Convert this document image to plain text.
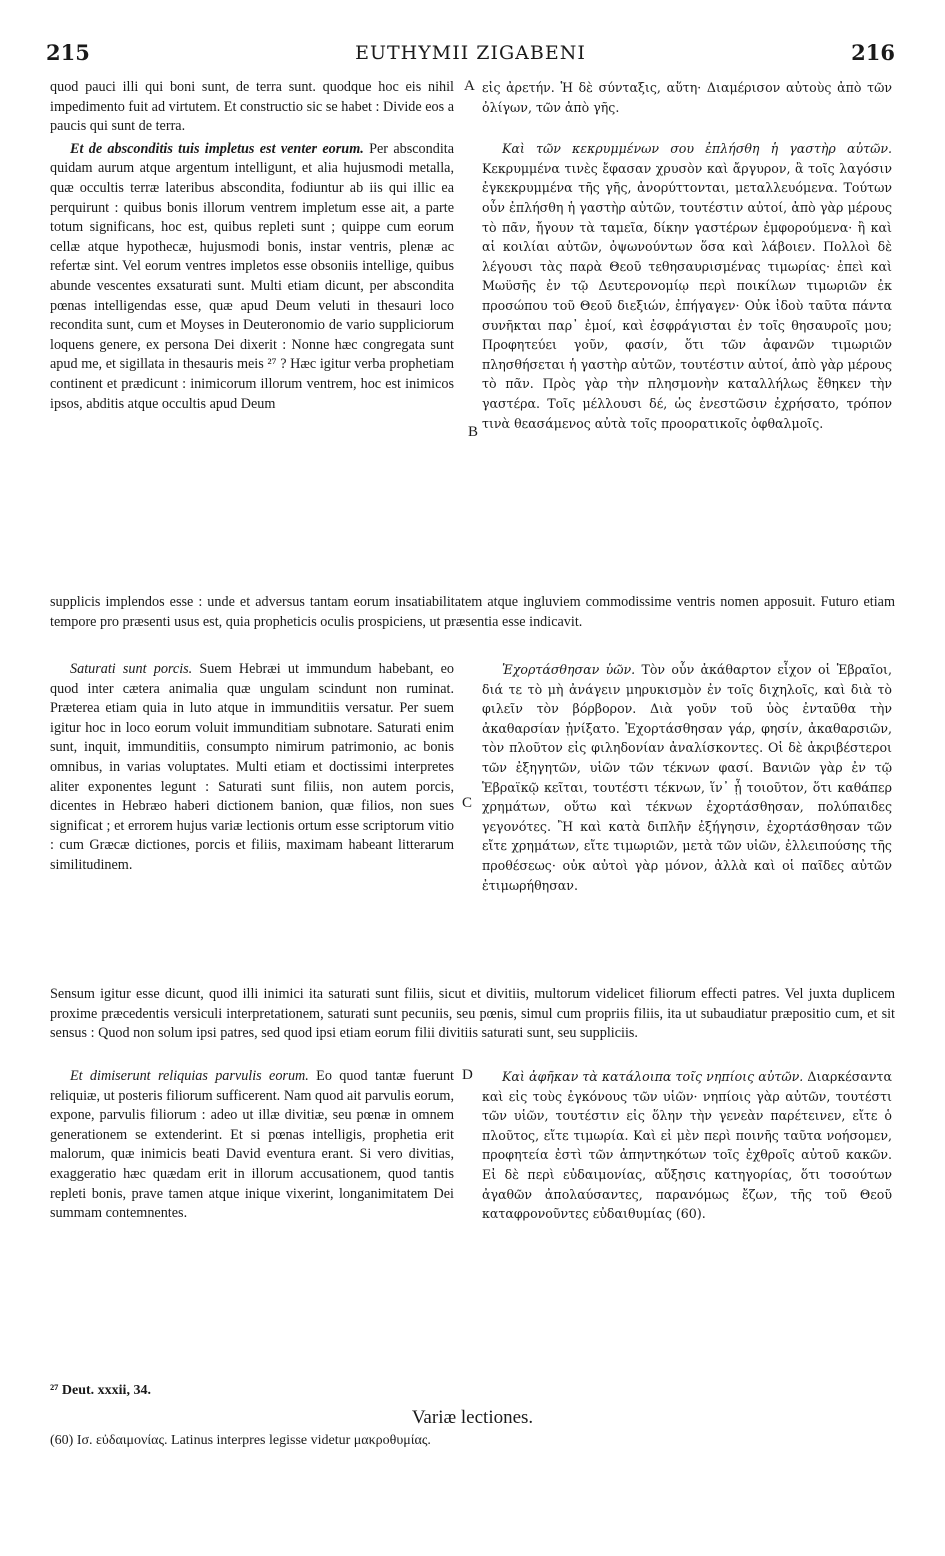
215	EUTHYMII ZIGABENI	216
A
B
C
D

quod pauci illi qui boni sunt, de terra sunt. quodque hoc eis nihil impedimento fuit ad virtutem. Et constructio sic se habet : Divide eos a paucis qui sunt de terra.

Et de absconditis tuis impletus est venter eorum. Per abscondita quidam aurum atque argentum intelligunt, et alia hujusmodi metalla, quæ occultis terræ lateribus abscondita, fodiuntur ab iis qui illic ea perquirunt : quibus bonis illorum ventrem impletum esse ait, a parte totum significans, hoc est, quibus repleti sunt ; quippe cum eorum cellæ atque hypothecæ, hujusmodi bonis, instar ventris, plenæ ac refertæ sint. Vel eorum ventres impletos esse obsoniis intellige, quibus abunde vescentes exsaturati sunt. Multi etiam dicunt, per abscondita pœnas intelligendas esse, quæ apud Deum veluti in thesauri loco recondita sunt, cum et Moyses in Deuteronomio de vario suppliciorum loquens genere, ex persona Dei dixerit : Nonne hæc congregata sunt apud me, et sigillata in thesauris meis ²⁷ ? Hæc igitur verba prophetiam continent et prædicunt : inimicorum illorum ventrem, hoc est inimicos ipsos, abditis atque occultis apud Deum

εἰς ἀρετήν. Ἡ δὲ σύνταξις, αὕτη· Διαμέρισον αὐτοὺς ἀπὸ τῶν ὀλίγων, τῶν ἀπὸ γῆς.

Καὶ τῶν κεκρυμμένων σου ἐπλήσθη ἡ γαστὴρ αὐτῶν. Κεκρυμμένα τινὲς ἔφασαν χρυσὸν καὶ ἄργυρον, ἃ τοῖς λαγόσιν ἐγκεκρυμμένα τῆς γῆς, ἀνορύττονται, μεταλλευόμενα. Τούτων οὖν ἐπλήσθη ἡ γαστὴρ αὐτῶν, τουτέστιν αὐτοί, ἀπὸ γὰρ μέρους τὸ πᾶν, ἤγουν τὰ ταμεῖα, δίκην γαστέρων ἐμφορούμενα· ἢ καὶ αἱ κοιλίαι αὐτῶν, ὀψωνούντων ὅσα καὶ λάβοιεν. Πολλοὶ δὲ λέγουσι τὰς παρὰ Θεοῦ τεθησαυρισμένας τιμωρίας· ἐπεὶ καὶ Μωϋσῆς ἐν τῷ Δευτερονομίῳ περὶ ποικίλων τιμωριῶν ἐκ προσώπου τοῦ Θεοῦ διεξιών, ἐπήγαγεν· Οὐκ ἰδοὺ ταῦτα πάντα συνῆκται παρ᾽ ἐμοί, καὶ ἐσφράγισται ἐν τοῖς θησαυροῖς μου; Προφητεύει γοῦν, φασίν, ὅτι τῶν ἀφανῶν τιμωριῶν πλησθήσεται ἡ γαστὴρ αὐτῶν, τουτέστιν αὐτοί, ἀπὸ γὰρ μέρους τὸ πᾶν. Πρὸς γὰρ τὴν πλησμονὴν καταλλήλως ἔθηκεν τὴν γαστέρα. Τοῖς μέλλουσι δέ, ὡς ἐνεστῶσιν ἐχρήσατο, τρόπον τινὰ θεασάμενος αὐτὰ τοῖς προορατικοῖς ὀφθαλμοῖς.

supplicis implendos esse : unde et adversus tantam eorum insatiabilitatem atque ingluviem commodissime ventris nomen apposuit. Futuro etiam tempore pro præsenti usus est, quia propheticis oculis prospiciens, ut præsentia esse indicavit.

Saturati sunt porcis. Suem Hebræi ut immundum habebant, eo quod inter cætera animalia quæ ungulam scindunt non ruminat. Præterea etiam quia in luto atque in immunditiis versatur. Per suem igitur hoc in loco eorum voluit immunditiam subnotare. Saturati enim sunt, inquit, immunditiis, consumpto nimirum patrimonio, ac bonis omnibus, in varias voluptates. Multi etiam et doctissimi interpretes aliter exponentes legunt : Saturati sunt filiis, non autem porcis, dicentes in Hebræo haberi dictionem banion, quæ filios, non sues significat ; et errorem hujus variæ lectionis ortum esse scriptorum vitio : cum Græcæ dictiones, porcis et filiis, maximam habeant litterarum similitudinem.

Ἐχορτάσθησαν ὑῶν. Τὸν οὖν ἀκάθαρτον εἶχον οἱ Ἑβραῖοι, διά τε τὸ μὴ ἀνάγειν μηρυκισμὸν ἐν τοῖς διχηλοῖς, καὶ διὰ τὸ φιλεῖν τὸν βόρβορον. Διὰ γοῦν τοῦ ὑὸς ἐνταῦθα τὴν ἀκαθαρσίαν ᾐνίξατο. Ἐχορτάσθησαν γάρ, φησίν, ἀκαθαρσιῶν, τὸν πλοῦτον εἰς φιληδονίαν ἀναλίσκοντες. Οἱ δὲ ἀκριβέστεροι τῶν ἐξηγητῶν, υἱῶν τῶν τέκνων φασί. Βανιῶν γὰρ ἐν τῷ Ἑβραϊκῷ κεῖται, τουτέστι τέκνων, ἵν᾽ ᾖ τοιοῦτον, ὅτι καθάπερ χρημάτων, οὕτω καὶ τέκνων ἐχορτάσθησαν, πολύπαιδες γεγονότες. Ἢ καὶ κατὰ διπλῆν ἐξήγησιν, ἐχορτάσθησαν τῶν εἴτε χρημάτων, εἴτε τιμωριῶν, μετὰ τῶν υἱῶν, ἐλλειπούσης τῆς προθέσεως· οὐκ αὐτοὶ γὰρ μόνον, ἀλλὰ καὶ οἱ παῖδες αὐτῶν ἐτιμωρήθησαν.

Sensum igitur esse dicunt, quod illi inimici ita saturati sunt filiis, sicut et divitiis, multorum videlicet filiorum effecti patres. Vel juxta duplicem proxime præcedentis versiculi interpretationem, saturati sunt pecuniis, seu pœnis, simul cum propriis filiis, ita ut subaudiatur præpositio cum, et sit sensus : Quod non solum ipsi patres, sed quod ipsi etiam eorum filii divitiis saturati sunt, seu suppliciis.

Et dimiserunt reliquias parvulis eorum. Eo quod tantæ fuerunt reliquiæ, ut posteris filiorum sufficerent. Nam quod ait parvulis eorum, expone, parvulis filiorum : adeo ut illæ divitiæ, seu pœnæ in omnem generationem se extenderint. Et si pœnas intelligis, prophetia erit malorum, quæ inimicis beati David eventura erant. Si vero divitias, exaggeratio hæc quædam erit in illorum accusationem, quod tantis repleti bonis, prave tamen atque inique vixerint, longanimitatem Dei summam contemnentes.

Καὶ ἀφῆκαν τὰ κατάλοιπα τοῖς νηπίοις αὐτῶν. Διαρκέσαντα καὶ εἰς τοὺς ἐγκόνους τῶν υἱῶν· νηπίοις γὰρ αὐτῶν, τουτέστι τῶν υἱῶν, τουτέστιν εἰς ὅλην τὴν γενεὰν παρέτεινεν, εἴτε ὁ πλοῦτος, εἴτε τιμωρία. Καὶ εἰ μὲν περὶ ποινῆς ταῦτα νοήσομεν, προφητεία ἐστὶ τῶν ἀπηντηκότων τοῖς ἐχθροῖς αὐτοῦ κακῶν. Εἰ δὲ περὶ εὐδαιμονίας, αὔξησις κατηγορίας, ὅτι τοσούτων ἀγαθῶν ἀπολαύσαντες, παρανόμως ἔζων, τῆς τοῦ Θεοῦ καταφρονοῦντες εὐδαιθυμίας (60).

²⁷ Deut. xxxii, 34.
Variæ lectiones.
(60) Ισ. εὐδαιμονίας. Latinus interpres legisse videtur μακροθυμίας.
